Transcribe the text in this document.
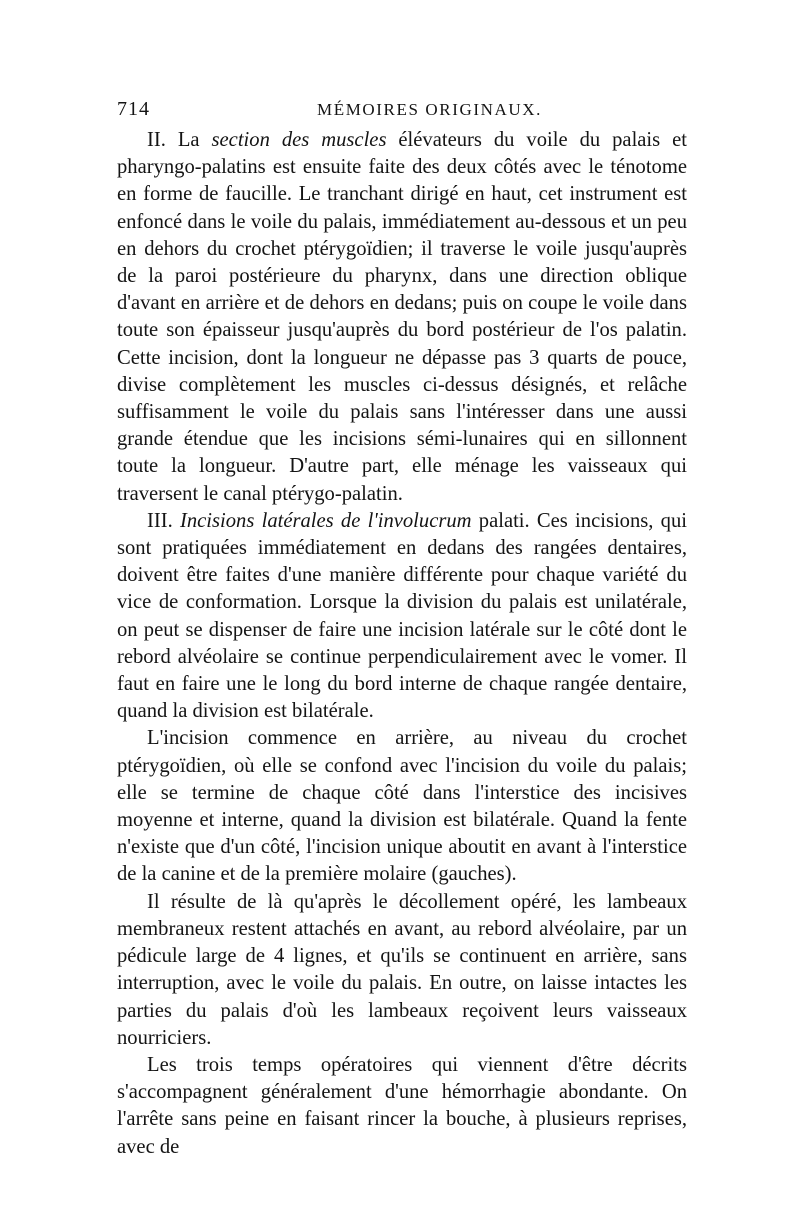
714	MÉMOIRES ORIGINAUX.

II. La section des muscles élévateurs du voile du palais et pharyngo-palatins est ensuite faite des deux côtés avec le ténotome en forme de faucille. Le tranchant dirigé en haut, cet instrument est enfoncé dans le voile du palais, immédiatement au-dessous et un peu en dehors du crochet ptérygoïdien; il traverse le voile jusqu'auprès de la paroi postérieure du pharynx, dans une direction oblique d'avant en arrière et de dehors en dedans; puis on coupe le voile dans toute son épaisseur jusqu'auprès du bord postérieur de l'os palatin. Cette incision, dont la longueur ne dépasse pas 3 quarts de pouce, divise complètement les muscles ci-dessus désignés, et relâche suffisamment le voile du palais sans l'intéresser dans une aussi grande étendue que les incisions sémi-lunaires qui en sillonnent toute la longueur. D'autre part, elle ménage les vaisseaux qui traversent le canal ptérygo-palatin.

III. Incisions latérales de l'involucrum palati. Ces incisions, qui sont pratiquées immédiatement en dedans des rangées dentaires, doivent être faites d'une manière différente pour chaque variété du vice de conformation. Lorsque la division du palais est unilatérale, on peut se dispenser de faire une incision latérale sur le côté dont le rebord alvéolaire se continue perpendiculairement avec le vomer. Il faut en faire une le long du bord interne de chaque rangée dentaire, quand la division est bilatérale.

L'incision commence en arrière, au niveau du crochet ptérygoïdien, où elle se confond avec l'incision du voile du palais; elle se termine de chaque côté dans l'interstice des incisives moyenne et interne, quand la division est bilatérale. Quand la fente n'existe que d'un côté, l'incision unique aboutit en avant à l'interstice de la canine et de la première molaire (gauches).

Il résulte de là qu'après le décollement opéré, les lambeaux membraneux restent attachés en avant, au rebord alvéolaire, par un pédicule large de 4 lignes, et qu'ils se continuent en arrière, sans interruption, avec le voile du palais. En outre, on laisse intactes les parties du palais d'où les lambeaux reçoivent leurs vaisseaux nourriciers.

Les trois temps opératoires qui viennent d'être décrits s'accompagnent généralement d'une hémorrhagie abondante. On l'arrête sans peine en faisant rincer la bouche, à plusieurs reprises, avec de
